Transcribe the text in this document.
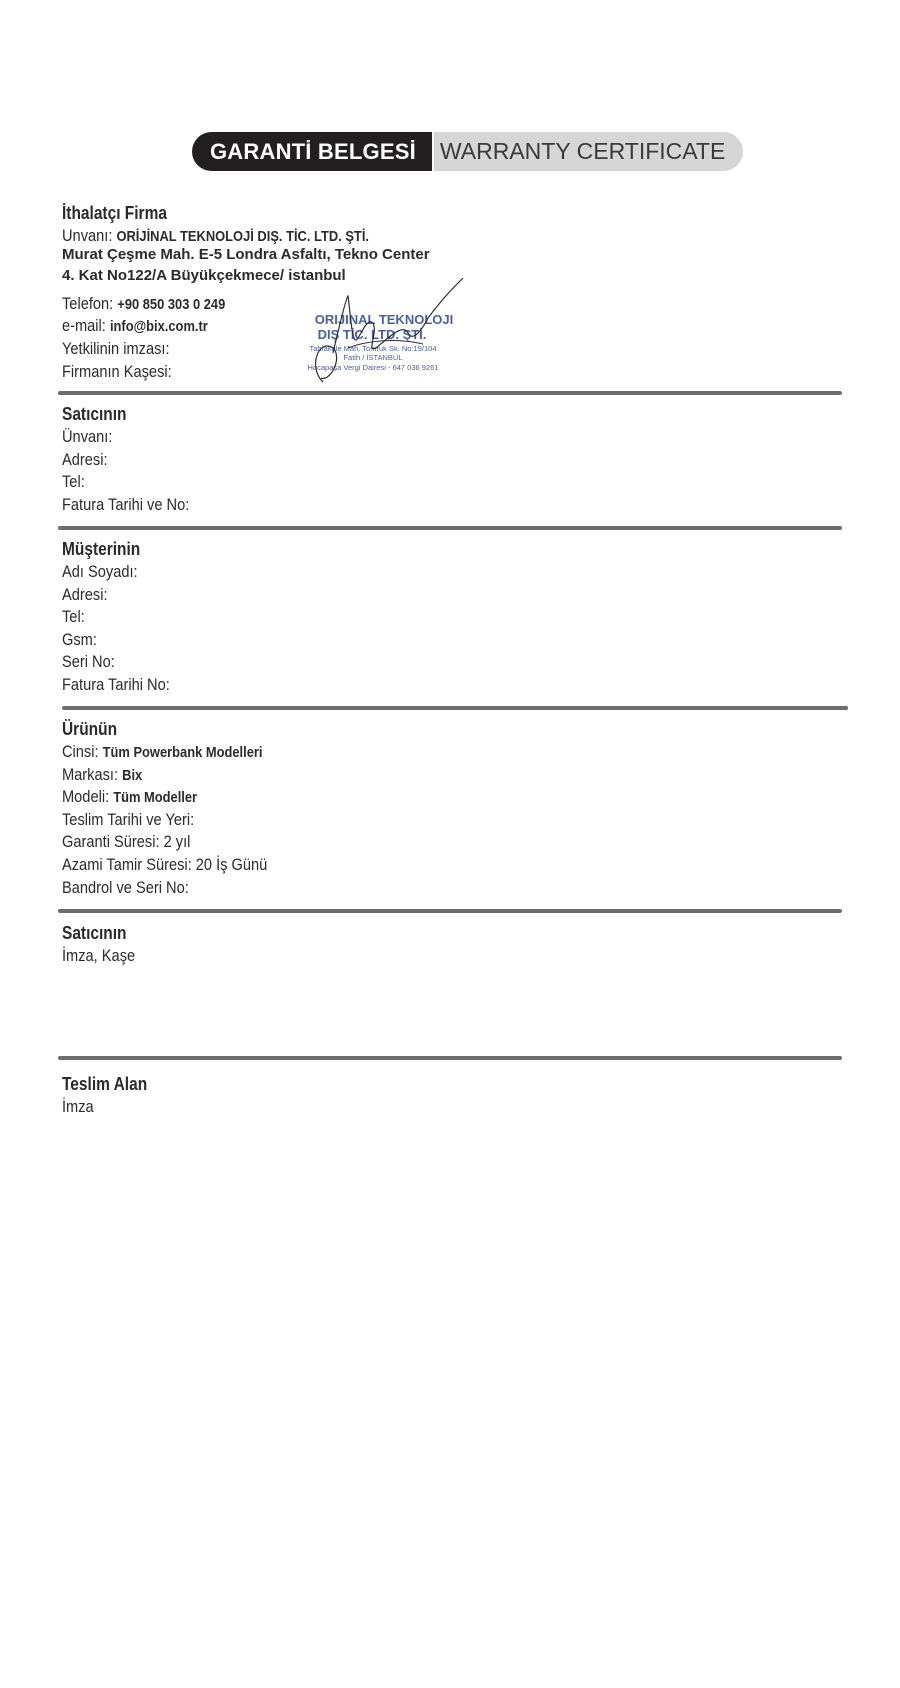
GARANTİ BELGESİ	WARRANTY CERTIFICATE
İthalatçı Firma
Unvanı: ORİJİNAL TEKNOLOJİ DIŞ. TİC. LTD. ŞTİ.
Murat Çeşme Mah. E-5 Londra Asfaltı, Tekno Center
4. Kat No122/A Büyükçekmece/ istanbul
Telefon: +90 850 303 0 249
e-mail: info@bix.com.tr
Yetkilinin imzası:
Firmanın Kaşesi:
ORIJINAL TEKNOLOJI
DIŞ TİC. LTD. ŞTİ.
Tahtakale Mah. Tomruk Sk. No:19/104
Fatih / İSTANBUL
Hocapaşa Vergi Dairesi - 647 036 9261
Satıcının
Ünvanı:
Adresi:
Tel:
Fatura Tarihi ve No:
Müşterinin
Adı Soyadı:
Adresi:
Tel:
Gsm:
Seri No:
Fatura Tarihi No:
Ürünün
Cinsi: Tüm Powerbank Modelleri
Markası: Bix
Modeli: Tüm Modeller
Teslim Tarihi ve Yeri:
Garanti Süresi: 2 yıl
Azami Tamir Süresi: 20 İş Günü
Bandrol ve Seri No:
Satıcının
İmza, Kaşe
Teslim Alan
İmza
